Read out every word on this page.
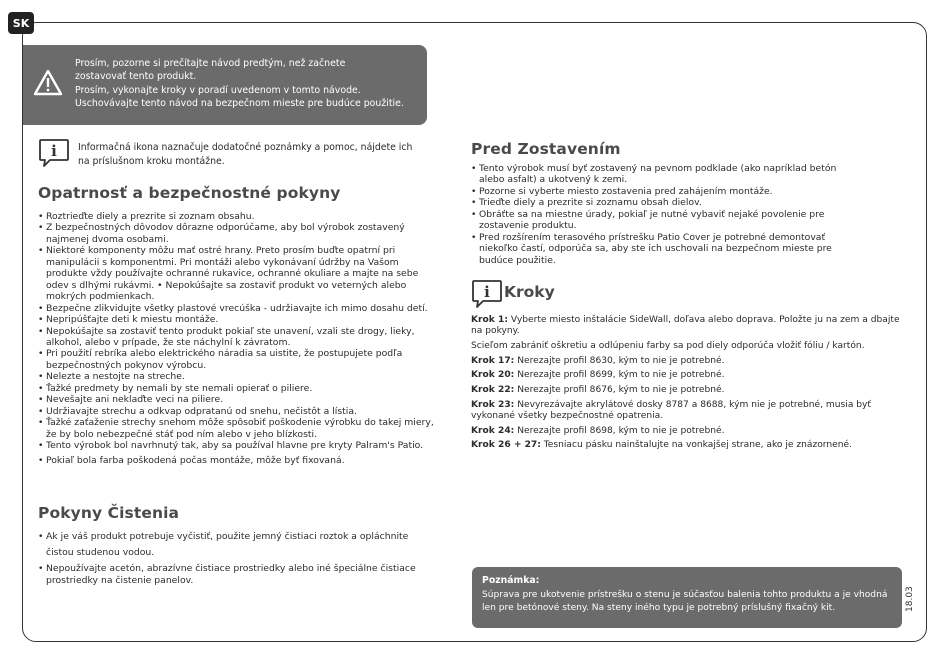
SK
Prosím, pozorne si prečítajte návod predtým, než začnete
zostavovať tento produkt.
Prosím, vykonajte kroky v poradí uvedenom v tomto návode.
Uschovávajte tento návod na bezpečnom mieste pre budúce použitie.
i Informačná ikona naznačuje dodatočné poznámky a pomoc, nájdete ich na príslušnom kroku montážne.
Opatrnosť a bezpečnostné pokyny
• Roztrieďte diely a prezrite si zoznam obsahu.
• Z bezpečnostných dôvodov dôrazne odporúčame, aby bol výrobok zostavený najmenej dvoma osobami.
• Niektoré komponenty môžu mať ostré hrany. Preto prosím buďte opatrní pri manipulácii s komponentmi. Pri montáži alebo vykonávaní údržby na Vašom produkte vždy používajte ochranné rukavice, ochranné okuliare a majte na sebe odev s dlhými rukávmi. • Nepokúšajte sa zostaviť produkt vo veterných alebo mokrých podmienkach.
• Bezpečne zlikvidujte všetky plastové vrecúška - udržiavajte ich mimo dosahu detí.
• Nepripúšťajte deti k miestu montáže.
• Nepokúšajte sa zostaviť tento produkt pokiaľ ste unavení, vzali ste drogy, lieky, alkohol, alebo v prípade, že ste náchylní k závratom.
• Pri použití rebríka alebo elektrického náradia sa uistite, že postupujete podľa bezpečnostných pokynov výrobcu.
• Nelezte a nestojte na streche.
• Ťažké predmety by nemali by ste nemali opierať o piliere.
• Nevešajte ani neklaďte veci na piliere.
• Udržiavajte strechu a odkvap odpratanú od snehu, nečistôt a lístia.
• Ťažké zaťaženie strechy snehom môže spôsobiť poškodenie výrobku do takej miery, že by bolo nebezpečné stáť pod ním alebo v jeho blízkosti.
• Tento výrobok bol navrhnutý tak, aby sa používal hlavne pre kryty Palram's Patio.
• Pokiaľ bola farba poškodená počas montáže, môže byť fixovaná.
Pokyny Čistenia
• Ak je váš produkt potrebuje vyčistiť, použite jemný čistiaci roztok a opláchnite čistou studenou vodou.
• Nepoužívajte acetón, abrazívne čistiace prostriedky alebo iné špeciálne čistiace prostriedky na čistenie panelov.
Pred Zostavením
• Tento výrobok musí byť zostavený na pevnom podklade (ako napríklad betón alebo asfalt) a ukotvený k zemi.
• Pozorne si vyberte miesto zostavenia pred zahájením montáže.
• Trieďte diely a prezrite si zoznamu obsah dielov.
• Obráťte sa na miestne úrady, pokiaľ je nutné vybaviť nejaké povolenie pre zostavenie produktu.
• Pred rozšírením terasového prístrešku Patio Cover je potrebné demontovať niekoľko častí, odporúča sa, aby ste ich uschovali na bezpečnom mieste pre budúce použitie.
i Kroky
Krok 1: Vyberte miesto inštalácie SideWall, doľava alebo doprava. Položte ju na zem a dbajte na pokyny.
Scieľom zabrániť oškretiu a odlúpeniu farby sa pod diely odporúča vložiť fóliu / kartón.
Krok 17: Nerezajte profil 8630, kým to nie je potrebné.
Krok 20: Nerezajte profil 8699, kým to nie je potrebné.
Krok 22: Nerezajte profil 8676, kým to nie je potrebné.
Krok 23: Nevyrezávajte akrylátové dosky 8787 a 8688, kým nie je potrebné, musia byť vykonané všetky bezpečnostné opatrenia.
Krok 24: Nerezajte profil 8698, kým to nie je potrebné.
Krok 26 + 27: Tesniacu pásku nainštalujte na vonkajšej strane, ako je znázornené.
Poznámka:
Súprava pre ukotvenie prístrešku o stenu je súčasťou balenia tohto produktu a je vhodná len pre betónové steny. Na steny iného typu je potrebný príslušný fixačný kit.	18.03
